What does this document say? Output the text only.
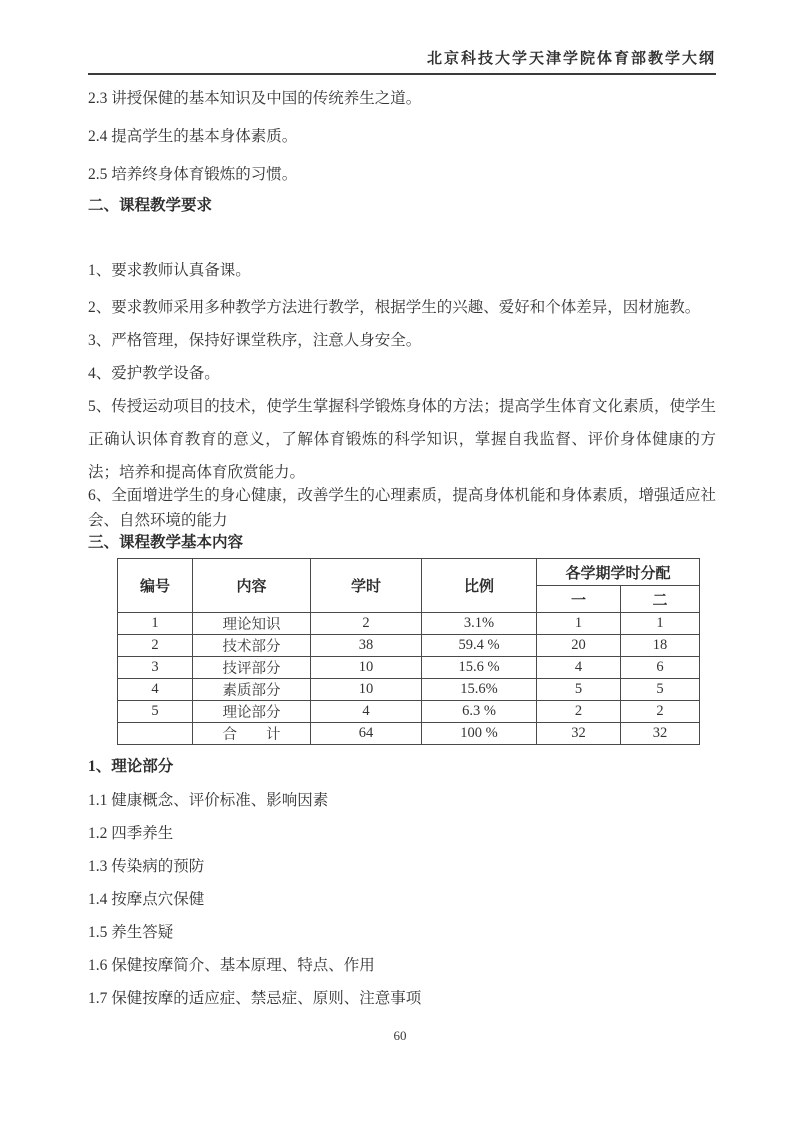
北京科技大学天津学院体育部教学大纲

2.3 讲授保健的基本知识及中国的传统养生之道。

2.4 提高学生的基本身体素质。

2.5 培养终身体育锻炼的习惯。

二、课程教学要求

1、要求教师认真备课。

2、要求教师采用多种教学方法进行教学，根据学生的兴趣、爱好和个体差异，因材施教。

3、严格管理，保持好课堂秩序，注意人身安全。

4、爱护教学设备。

5、传授运动项目的技术，使学生掌握科学锻炼身体的方法；提高学生体育文化素质，使学生正确认识体育教育的意义，了解体育锻炼的科学知识，掌握自我监督、评价身体健康的方法；培养和提高体育欣赏能力。

6、全面增进学生的身心健康，改善学生的心理素质，提高身体机能和身体素质，增强适应社会、自然环境的能力

三、课程教学基本内容
编号	内容	学时	比例	各学期学时分配	
				一	二
1	理论知识	2	3.1%	1	1
2	技术部分	38	59.4 %	20	18
3	技评部分	10	15.6 %	4	6
4	素质部分	10	15.6%	5	5
5	理论部分	4	6.3 %	2	2
	合　　计	64	100 %	32	32
1、理论部分

1.1 健康概念、评价标准、影响因素

1.2 四季养生

1.3 传染病的预防

1.4 按摩点穴保健

1.5 养生答疑

1.6 保健按摩简介、基本原理、特点、作用

1.7 保健按摩的适应症、禁忌症、原则、注意事项

60
